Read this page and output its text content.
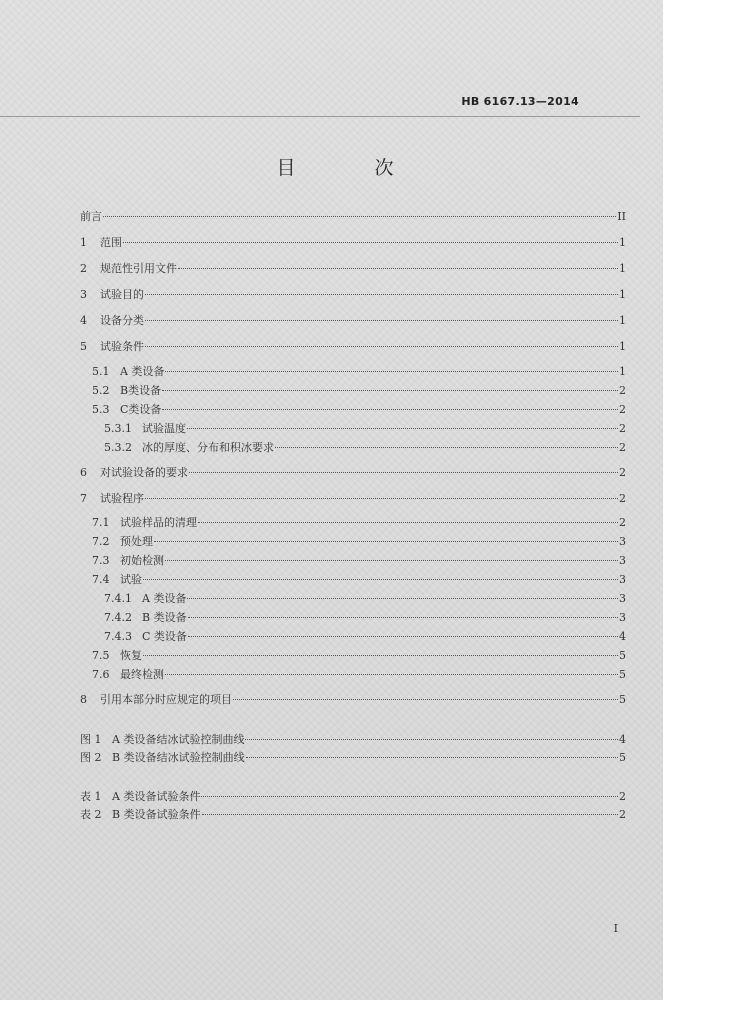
HB 6167.13—2014
目　次
前言	II
1	范围	1
2	规范性引用文件	1
3	试验目的	1
4	设备分类	1
5	试验条件	1
5.1 A 类设备	1
5.2 B类设备	2
5.3 C类设备	2
5.3.1 试验温度	2
5.3.2 冰的厚度、分布和积冰要求	2
6	对试验设备的要求	2
7	试验程序	2
7.1 试验样品的清理	2
7.2 预处理	3
7.3 初始检测	3
7.4 试验	3
7.4.1 A 类设备	3
7.4.2 B 类设备	3
7.4.3 C 类设备	4
7.5 恢复	5
7.6 最终检测	5
8	引用本部分时应规定的项目	5
图 1 A 类设备结冰试验控制曲线	4
图 2 B 类设备结冰试验控制曲线	5
表 1 A 类设备试验条件	2
表 2 B 类设备试验条件	2
I
